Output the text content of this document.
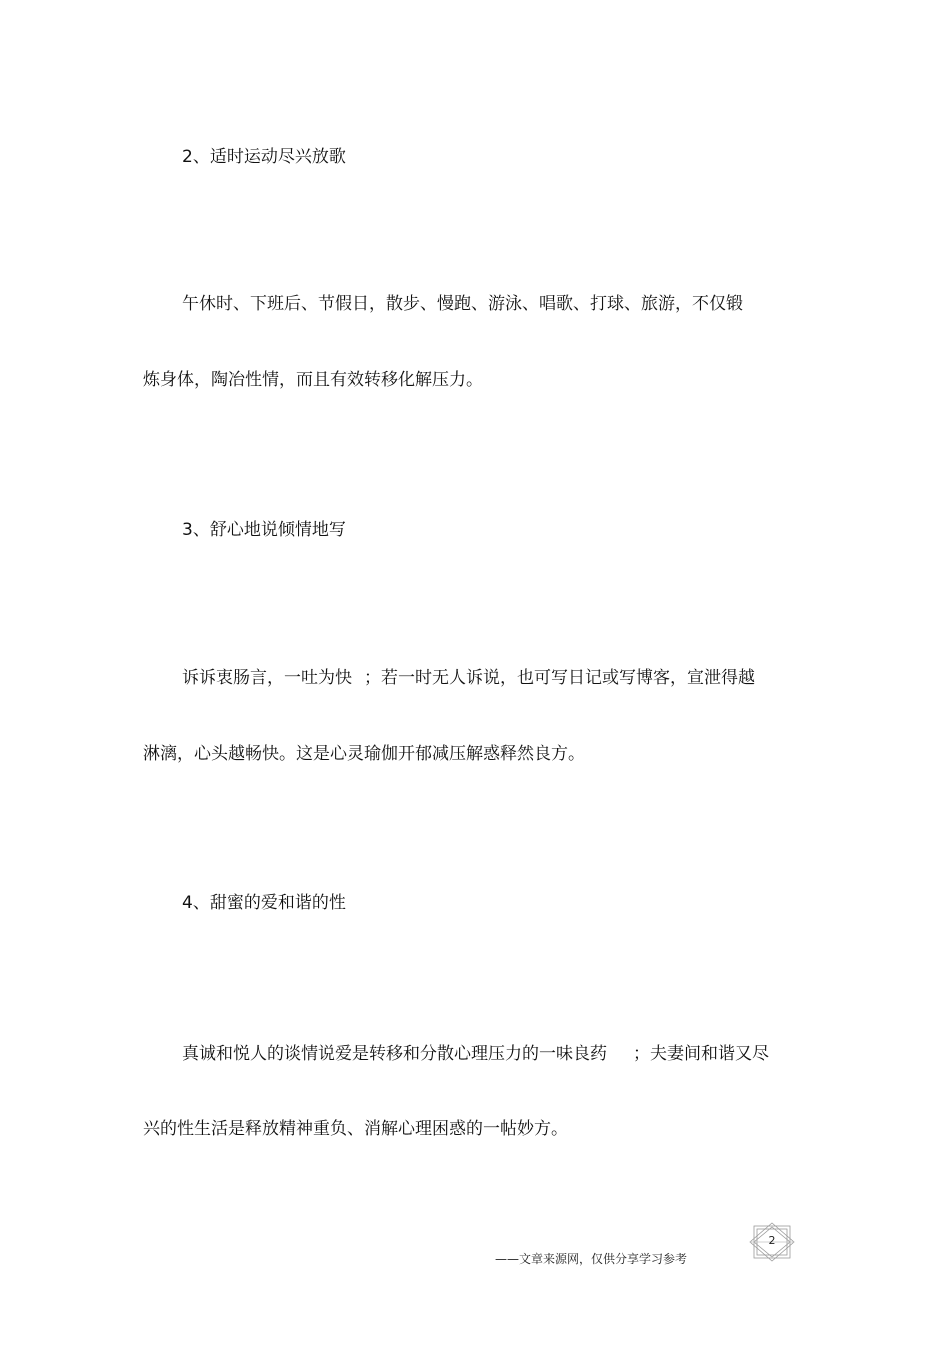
2、适时运动尽兴放歌

午休时、下班后、节假日，散步、慢跑、游泳、唱歌、打球、旅游，不仅锻

炼身体，陶冶性情，而且有效转移化解压力。

3、舒心地说倾情地写

诉诉衷肠言，一吐为快 ；若一时无人诉说，也可写日记或写博客，宣泄得越

淋漓，心头越畅快。这是心灵瑜伽开郁减压解惑释然良方。

4、甜蜜的爱和谐的性

真诚和悦人的谈情说爱是转移和分散心理压力的一味良药 ；夫妻间和谐又尽

兴的性生活是释放精神重负、消解心理困惑的一帖妙方。

——文章来源网，仅供分享学习参考
2
